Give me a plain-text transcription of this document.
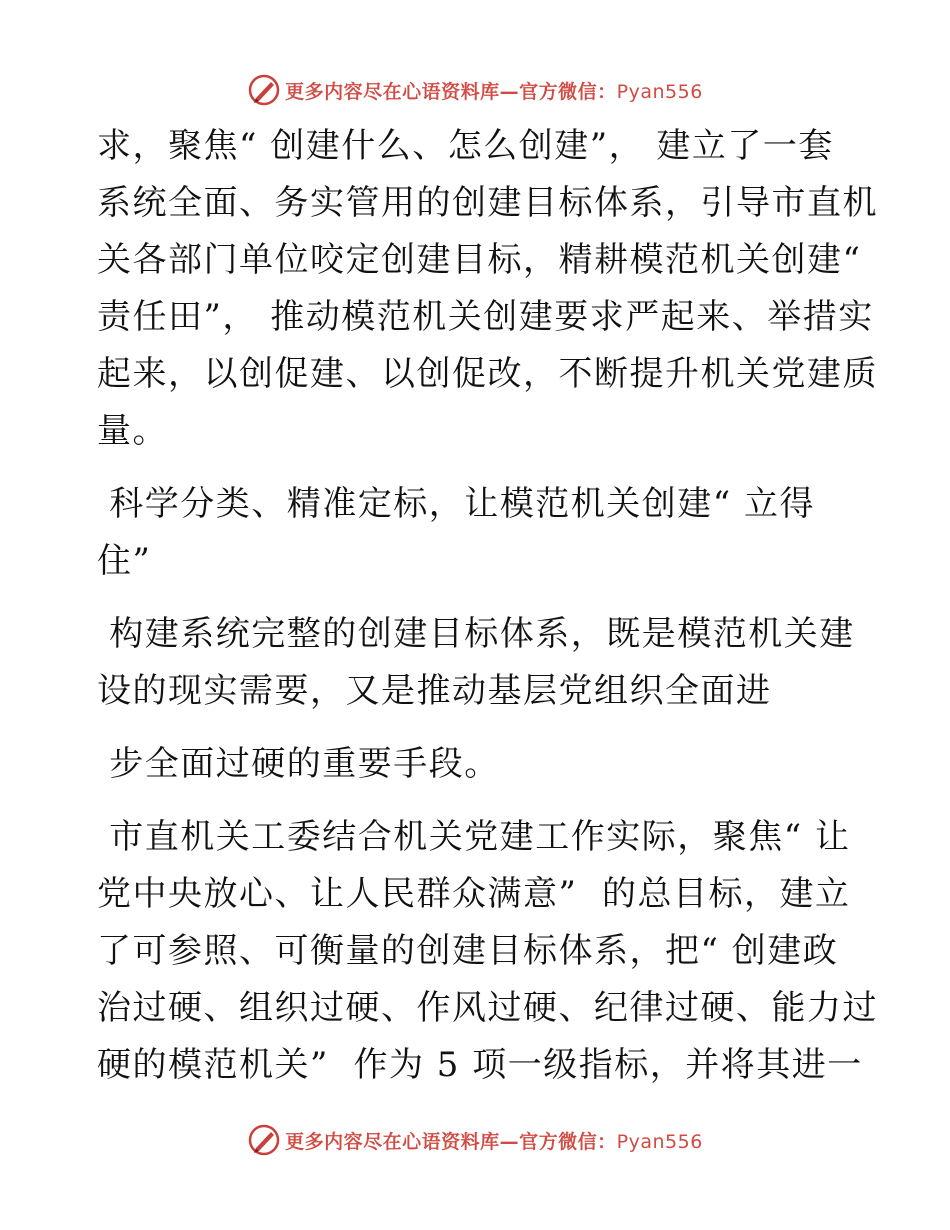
更多内容尽在心语资料库—官方微信：Pyan556

求，聚焦“ 创建什么、怎么创建”， 建立了一套

系统全面、务实管用的创建目标体系，引导市直机

关各部门单位咬定创建目标，精耕模范机关创建“

责任田”， 推动模范机关创建要求严起来、举措实

起来，以创促建、以创促改，不断提升机关党建质

量。

科学分类、精准定标，让模范机关创建“ 立得

住”

构建系统完整的创建目标体系，既是模范机关建

设的现实需要，又是推动基层党组织全面进

步全面过硬的重要手段。

市直机关工委结合机关党建工作实际，聚焦“ 让

党中央放心、让人民群众满意”  的总目标，建立

了可参照、可衡量的创建目标体系，把“ 创建政

治过硬、组织过硬、作风过硬、纪律过硬、能力过

硬的模范机关”  作为 5 项一级指标，并将其进一

更多内容尽在心语资料库—官方微信：Pyan556
